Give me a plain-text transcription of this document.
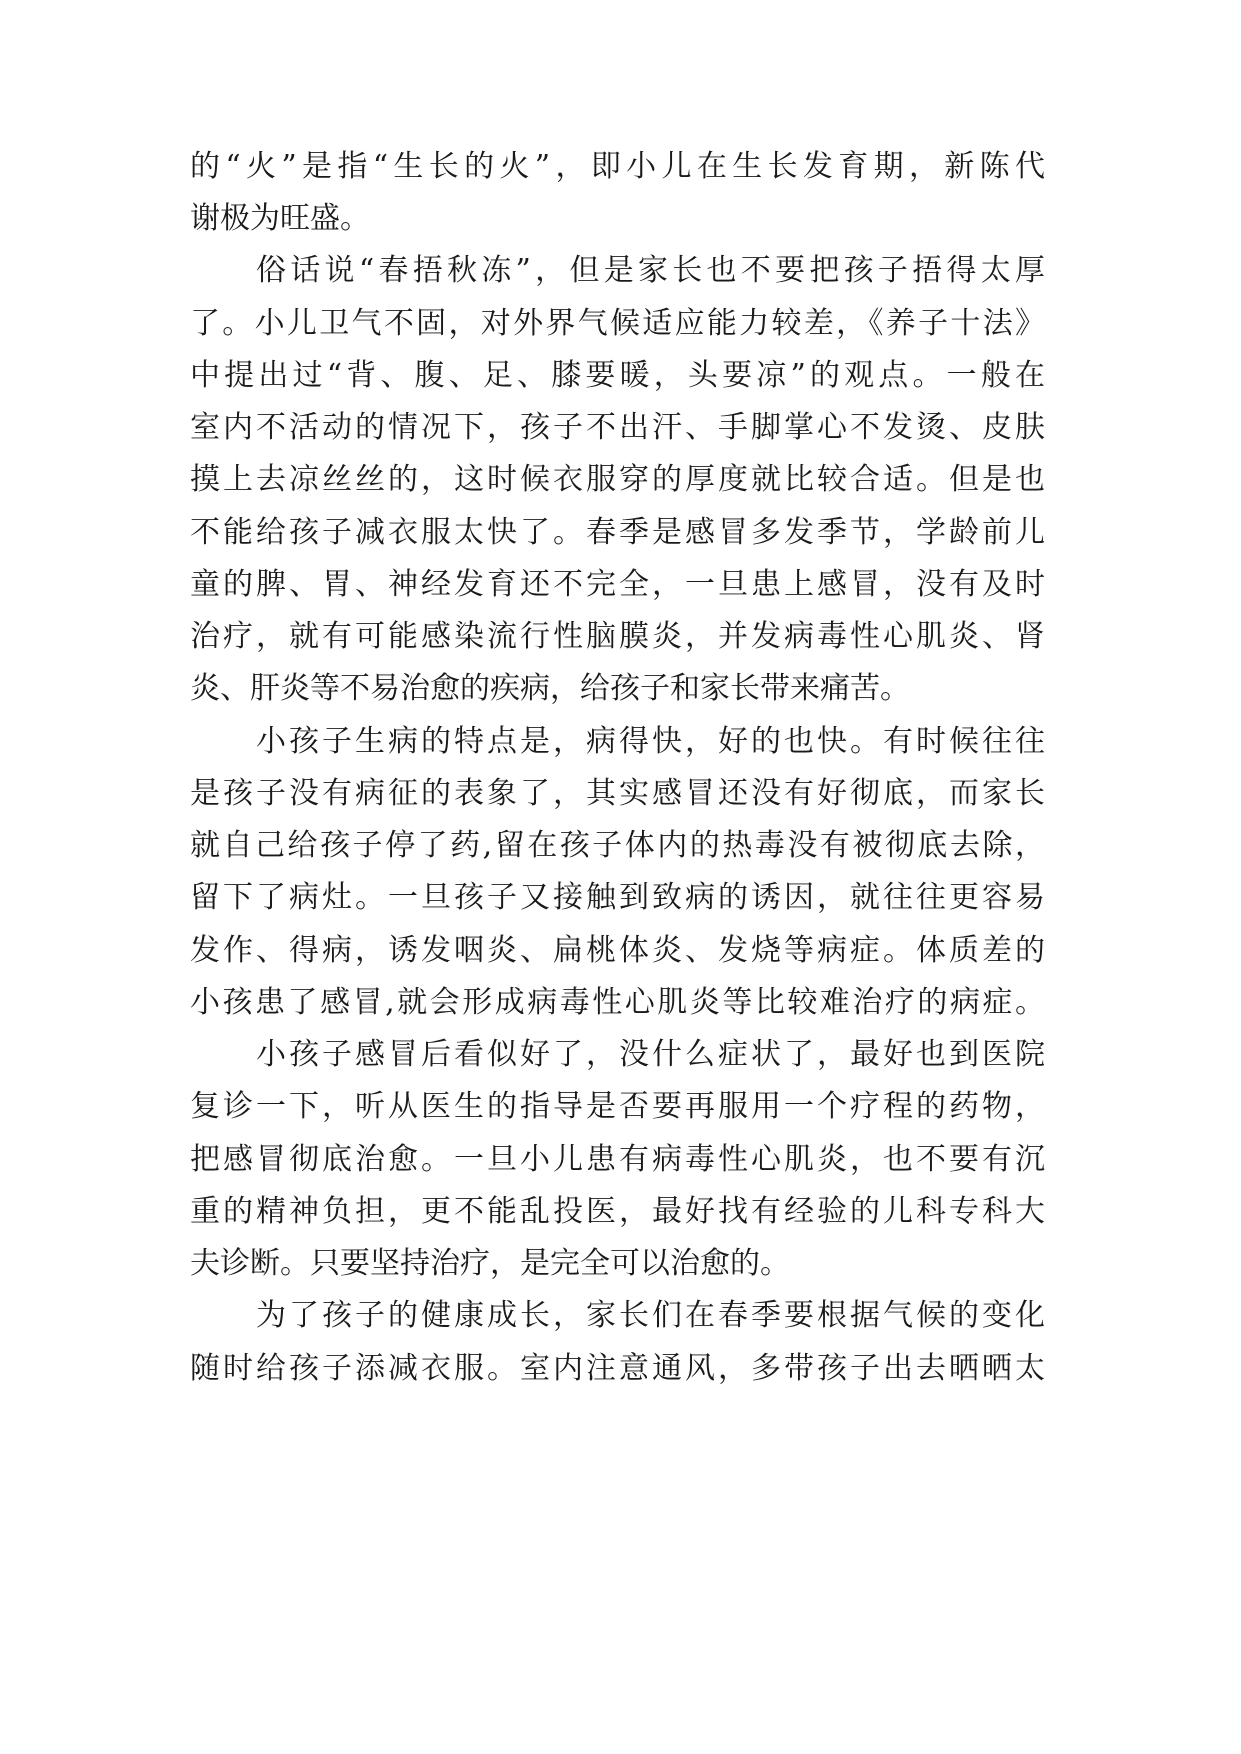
的“火”是指“生长的火”，即小儿在生长发育期，新陈代
谢极为旺盛。
俗话说“春捂秋冻”，但是家长也不要把孩子捂得太厚
了。小儿卫气不固，对外界气候适应能力较差，《养子十法》
中提出过“背、腹、足、膝要暖，头要凉”的观点。一般在
室内不活动的情况下，孩子不出汗、手脚掌心不发烫、皮肤
摸上去凉丝丝的，这时候衣服穿的厚度就比较合适。但是也
不能给孩子减衣服太快了。春季是感冒多发季节，学龄前儿
童的脾、胃、神经发育还不完全，一旦患上感冒，没有及时
治疗，就有可能感染流行性脑膜炎，并发病毒性心肌炎、肾
炎、肝炎等不易治愈的疾病，给孩子和家长带来痛苦。
小孩子生病的特点是，病得快，好的也快。有时候往往
是孩子没有病征的表象了，其实感冒还没有好彻底，而家长
就自己给孩子停了药,留在孩子体内的热毒没有被彻底去除，
留下了病灶。一旦孩子又接触到致病的诱因，就往往更容易
发作、得病，诱发咽炎、扁桃体炎、发烧等病症。体质差的
小孩患了感冒,就会形成病毒性心肌炎等比较难治疗的病症。
小孩子感冒后看似好了，没什么症状了，最好也到医院
复诊一下，听从医生的指导是否要再服用一个疗程的药物，
把感冒彻底治愈。一旦小儿患有病毒性心肌炎，也不要有沉
重的精神负担，更不能乱投医，最好找有经验的儿科专科大
夫诊断。只要坚持治疗，是完全可以治愈的。
为了孩子的健康成长，家长们在春季要根据气候的变化
随时给孩子添减衣服。室内注意通风，多带孩子出去晒晒太
